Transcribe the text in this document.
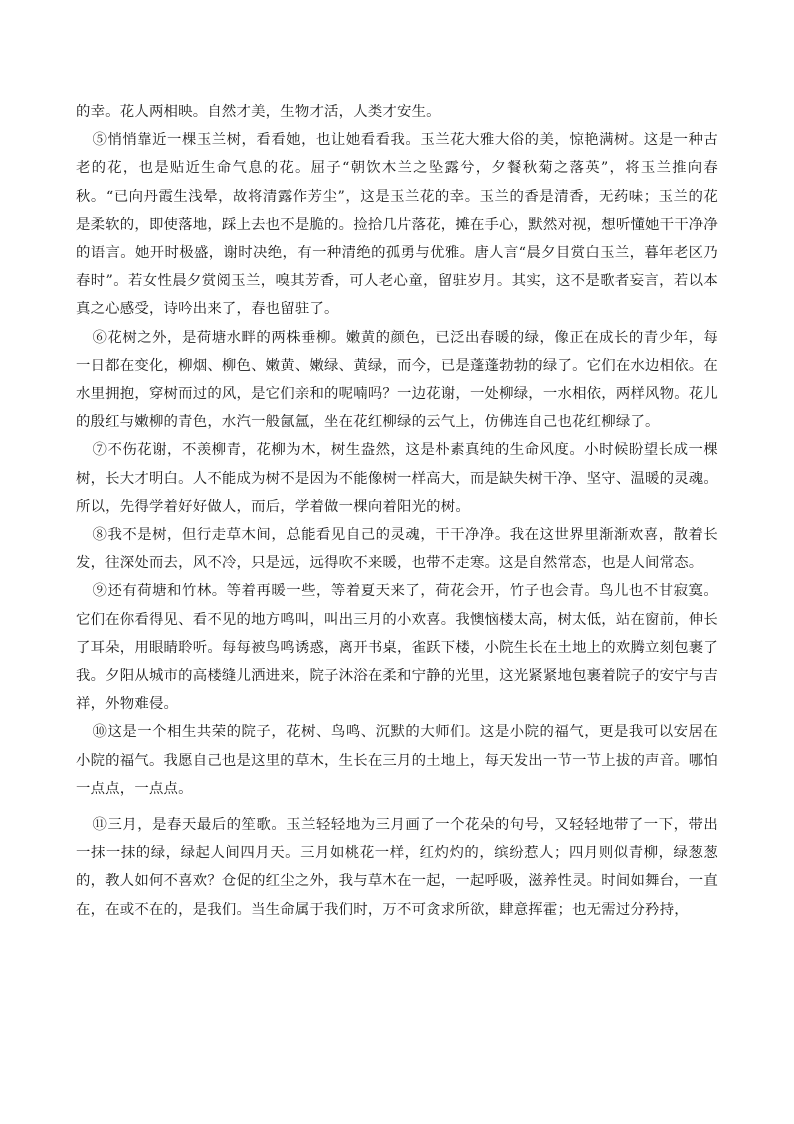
的幸。花人两相映。自然才美，生物才活，人类才安生。

⑤悄悄靠近一棵玉兰树，看看她，也让她看看我。玉兰花大雅大俗的美，惊艳满树。这是一种古老的花，也是贴近生命气息的花。屈子“朝饮木兰之坠露兮，夕餐秋菊之落英”，将玉兰推向春秋。“已向丹霞生浅晕，故将清露作芳尘”，这是玉兰花的幸。玉兰的香是清香，无药味；玉兰的花是柔软的，即使落地，踩上去也不是脆的。捡拾几片落花，摊在手心，默然对视，想听懂她干干净净的语言。她开时极盛，谢时决绝，有一种清绝的孤勇与优雅。唐人言“晨夕目赏白玉兰，暮年老区乃春时”。若女性晨夕赏阅玉兰，嗅其芳香，可人老心童，留驻岁月。其实，这不是歌者妄言，若以本真之心感受，诗吟出来了，春也留驻了。

⑥花树之外，是荷塘水畔的两株垂柳。嫩黄的颜色，已泛出春暖的绿，像正在成长的青少年，每一日都在变化，柳烟、柳色、嫩黄、嫩绿、黄绿，而今，已是蓬蓬勃勃的绿了。它们在水边相依。在水里拥抱，穿树而过的风，是它们亲和的呢喃吗？一边花谢，一处柳绿，一水相依，两样风物。花儿的殷红与嫩柳的青色，水汽一般氤氲，坐在花红柳绿的云气上，仿佛连自己也花红柳绿了。

⑦不伤花谢，不羡柳青，花柳为木，树生盎然，这是朴素真纯的生命风度。小时候盼望长成一棵树，长大才明白。人不能成为树不是因为不能像树一样高大，而是缺失树干净、坚守、温暖的灵魂。所以，先得学着好好做人，而后，学着做一棵向着阳光的树。

⑧我不是树，但行走草木间，总能看见自己的灵魂，干干净净。我在这世界里渐渐欢喜，散着长发，往深处而去，风不冷，只是远，远得吹不来暖，也带不走寒。这是自然常态，也是人间常态。

⑨还有荷塘和竹林。等着再暖一些，等着夏天来了，荷花会开，竹子也会青。鸟儿也不甘寂寞。它们在你看得见、看不见的地方鸣叫，叫出三月的小欢喜。我懊恼楼太高，树太低，站在窗前，伸长了耳朵，用眼睛聆听。每每被鸟鸣诱惑，离开书桌，雀跃下楼，小院生长在土地上的欢腾立刻包裹了我。夕阳从城市的高楼缝儿洒进来，院子沐浴在柔和宁静的光里，这光紧紧地包裹着院子的安宁与吉祥，外物难侵。

⑩这是一个相生共荣的院子，花树、鸟鸣、沉默的大师们。这是小院的福气，更是我可以安居在小院的福气。我愿自己也是这里的草木，生长在三月的土地上，每天发出一节一节上拔的声音。哪怕一点点，一点点。

⑪三月，是春天最后的笙歌。玉兰轻轻地为三月画了一个花朵的句号，又轻轻地带了一下，带出一抹一抹的绿，绿起人间四月天。三月如桃花一样，红灼灼的，缤纷惹人；四月则似青柳，绿葱葱的，教人如何不喜欢？仓促的红尘之外，我与草木在一起，一起呼吸，滋养性灵。时间如舞台，一直在，在或不在的，是我们。当生命属于我们时，万不可贪求所欲，肆意挥霍；也无需过分矜持，
